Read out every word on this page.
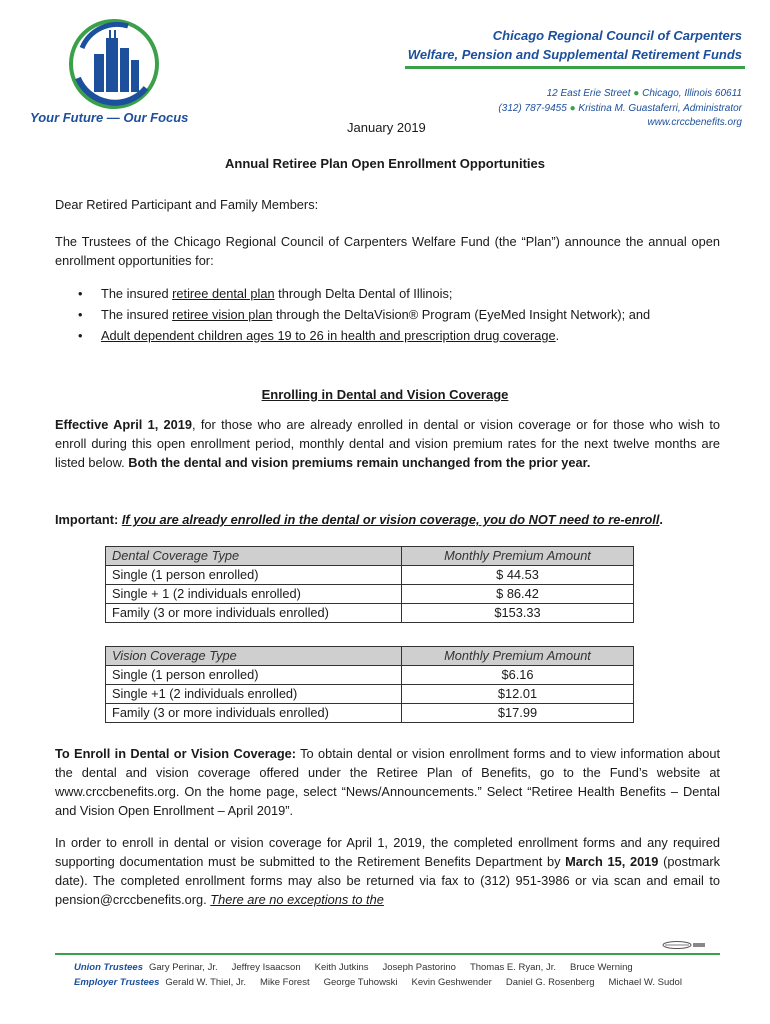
Your Future — Our Focus
Chicago Regional Council of Carpenters
Welfare, Pension and Supplemental Retirement Funds
12 East Erie Street ● Chicago, Illinois 60611
(312) 787-9455 ● Kristina M. Guastaferri, Administrator
www.crccbenefits.org
January 2019
Annual Retiree Plan Open Enrollment Opportunities
Dear Retired Participant and Family Members:
The Trustees of the Chicago Regional Council of Carpenters Welfare Fund (the “Plan”) announce the annual open enrollment opportunities for:
• The insured retiree dental plan through Delta Dental of Illinois;
• The insured retiree vision plan through the DeltaVision® Program (EyeMed Insight Network); and
• Adult dependent children ages 19 to 26 in health and prescription drug coverage.
Enrolling in Dental and Vision Coverage
Effective April 1, 2019, for those who are already enrolled in dental or vision coverage or for those who wish to enroll during this open enrollment period, monthly dental and vision premium rates for the next twelve months are listed below. Both the dental and vision premiums remain unchanged from the prior year.
Important: If you are already enrolled in the dental or vision coverage, you do NOT need to re-enroll.
Dental Coverage Type	Monthly Premium Amount
Single (1 person enrolled)	$ 44.53
Single + 1 (2 individuals enrolled)	$ 86.42
Family (3 or more individuals enrolled)	$153.33
Vision Coverage Type	Monthly Premium Amount
Single (1 person enrolled)	$6.16
Single +1 (2 individuals enrolled)	$12.01
Family (3 or more individuals enrolled)	$17.99
To Enroll in Dental or Vision Coverage: To obtain dental or vision enrollment forms and to view information about the dental and vision coverage offered under the Retiree Plan of Benefits, go to the Fund’s website at www.crccbenefits.org. On the home page, select “News/Announcements.” Select “Retiree Health Benefits – Dental and Vision Open Enrollment – April 2019”.
In order to enroll in dental or vision coverage for April 1, 2019, the completed enrollment forms and any required supporting documentation must be submitted to the Retirement Benefits Department by March 15, 2019 (postmark date). The completed enrollment forms may also be returned via fax to (312) 951-3986 or via scan and email to pension@crccbenefits.org. There are no exceptions to the
Union Trustees Gary Perinar, Jr. Jeffrey Isaacson Keith Jutkins Joseph Pastorino Thomas E. Ryan, Jr. Bruce Werning
Employer Trustees Gerald W. Thiel, Jr. Mike Forest George Tuhowski Kevin Geshwender Daniel G. Rosenberg Michael W. Sudol
